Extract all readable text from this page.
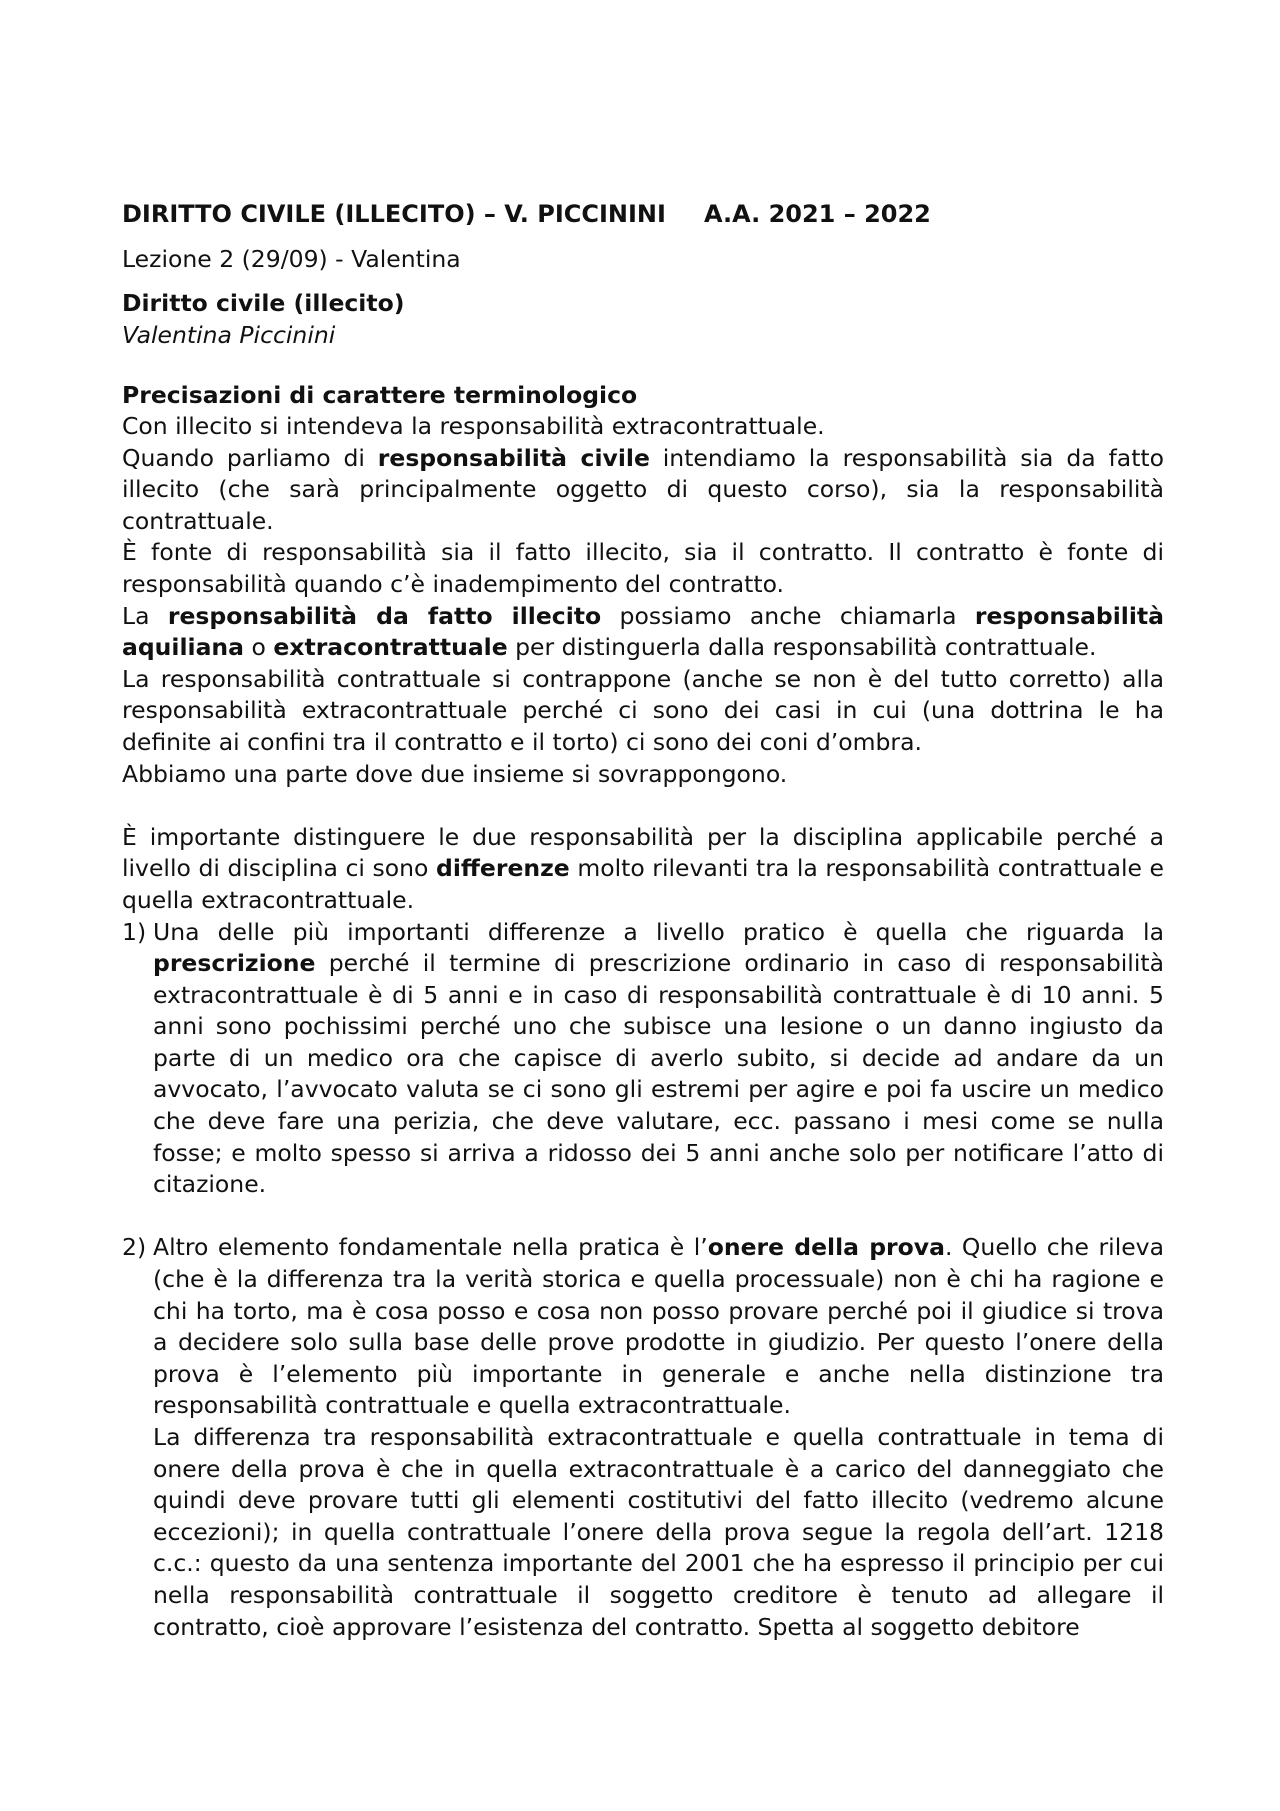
DIRITTO CIVILE (ILLECITO) – V. PICCININI A.A. 2021 – 2022

Lezione 2 (29/09) - Valentina

Diritto civile (illecito)

Valentina Piccinini

Precisazioni di carattere terminologico

Con illecito si intendeva la responsabilità extracontrattuale.

Quando parliamo di responsabilità civile intendiamo la responsabilità sia da fatto illecito (che sarà principalmente oggetto di questo corso), sia la responsabilità contrattuale.

È fonte di responsabilità sia il fatto illecito, sia il contratto. Il contratto è fonte di responsabilità quando c’è inadempimento del contratto.

La responsabilità da fatto illecito possiamo anche chiamarla responsabilità aquiliana o extracontrattuale per distinguerla dalla responsabilità contrattuale.

La responsabilità contrattuale si contrappone (anche se non è del tutto corretto) alla responsabilità extracontrattuale perché ci sono dei casi in cui (una dottrina le ha definite ai confini tra il contratto e il torto) ci sono dei coni d’ombra.

Abbiamo una parte dove due insieme si sovrappongono.

È importante distinguere le due responsabilità per la disciplina applicabile perché a livello di disciplina ci sono differenze molto rilevanti tra la responsabilità contrattuale e quella extracontrattuale.

1) Una delle più importanti differenze a livello pratico è quella che riguarda la prescrizione perché il termine di prescrizione ordinario in caso di responsabilità extracontrattuale è di 5 anni e in caso di responsabilità contrattuale è di 10 anni. 5 anni sono pochissimi perché uno che subisce una lesione o un danno ingiusto da parte di un medico ora che capisce di averlo subito, si decide ad andare da un avvocato, l’avvocato valuta se ci sono gli estremi per agire e poi fa uscire un medico che deve fare una perizia, che deve valutare, ecc. passano i mesi come se nulla fosse; e molto spesso si arriva a ridosso dei 5 anni anche solo per notificare l’atto di citazione.
2) Altro elemento fondamentale nella pratica è l’onere della prova. Quello che rileva (che è la differenza tra la verità storica e quella processuale) non è chi ha ragione e chi ha torto, ma è cosa posso e cosa non posso provare perché poi il giudice si trova a decidere solo sulla base delle prove prodotte in giudizio. Per questo l’onere della prova è l’elemento più importante in generale e anche nella distinzione tra responsabilità contrattuale e quella extracontrattuale.

La differenza tra responsabilità extracontrattuale e quella contrattuale in tema di onere della prova è che in quella extracontrattuale è a carico del danneggiato che quindi deve provare tutti gli elementi costitutivi del fatto illecito (vedremo alcune eccezioni); in quella contrattuale l’onere della prova segue la regola dell’art. 1218 c.c.: questo da una sentenza importante del 2001 che ha espresso il principio per cui nella responsabilità contrattuale il soggetto creditore è tenuto ad allegare il contratto, cioè approvare l’esistenza del contratto. Spetta al soggetto debitore
